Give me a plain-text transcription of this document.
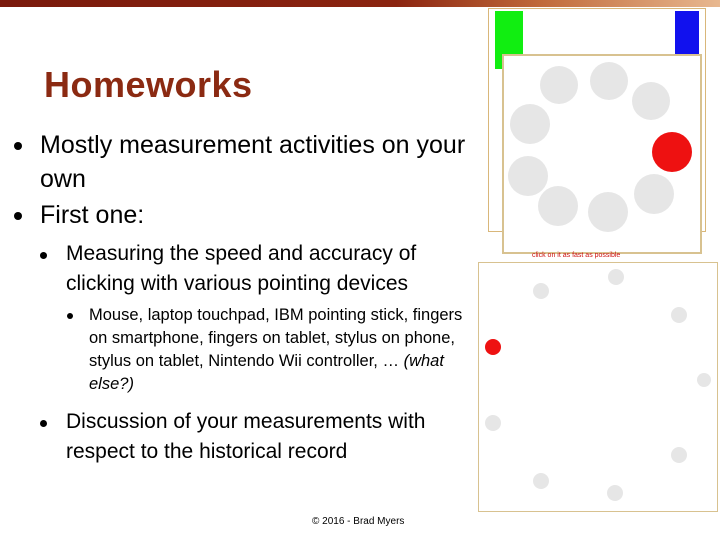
Homeworks
Mostly measurement activities on your own
First one:
Measuring the speed and accuracy of clicking with various pointing devices
Mouse, laptop touchpad, IBM pointing stick, fingers on smartphone, fingers on tablet, stylus on phone, stylus on tablet, Nintendo Wii controller, … (what else?)
Discussion of your measurements with respect to the historical record
© 2016 - Brad Myers
click on it as fast as possible
